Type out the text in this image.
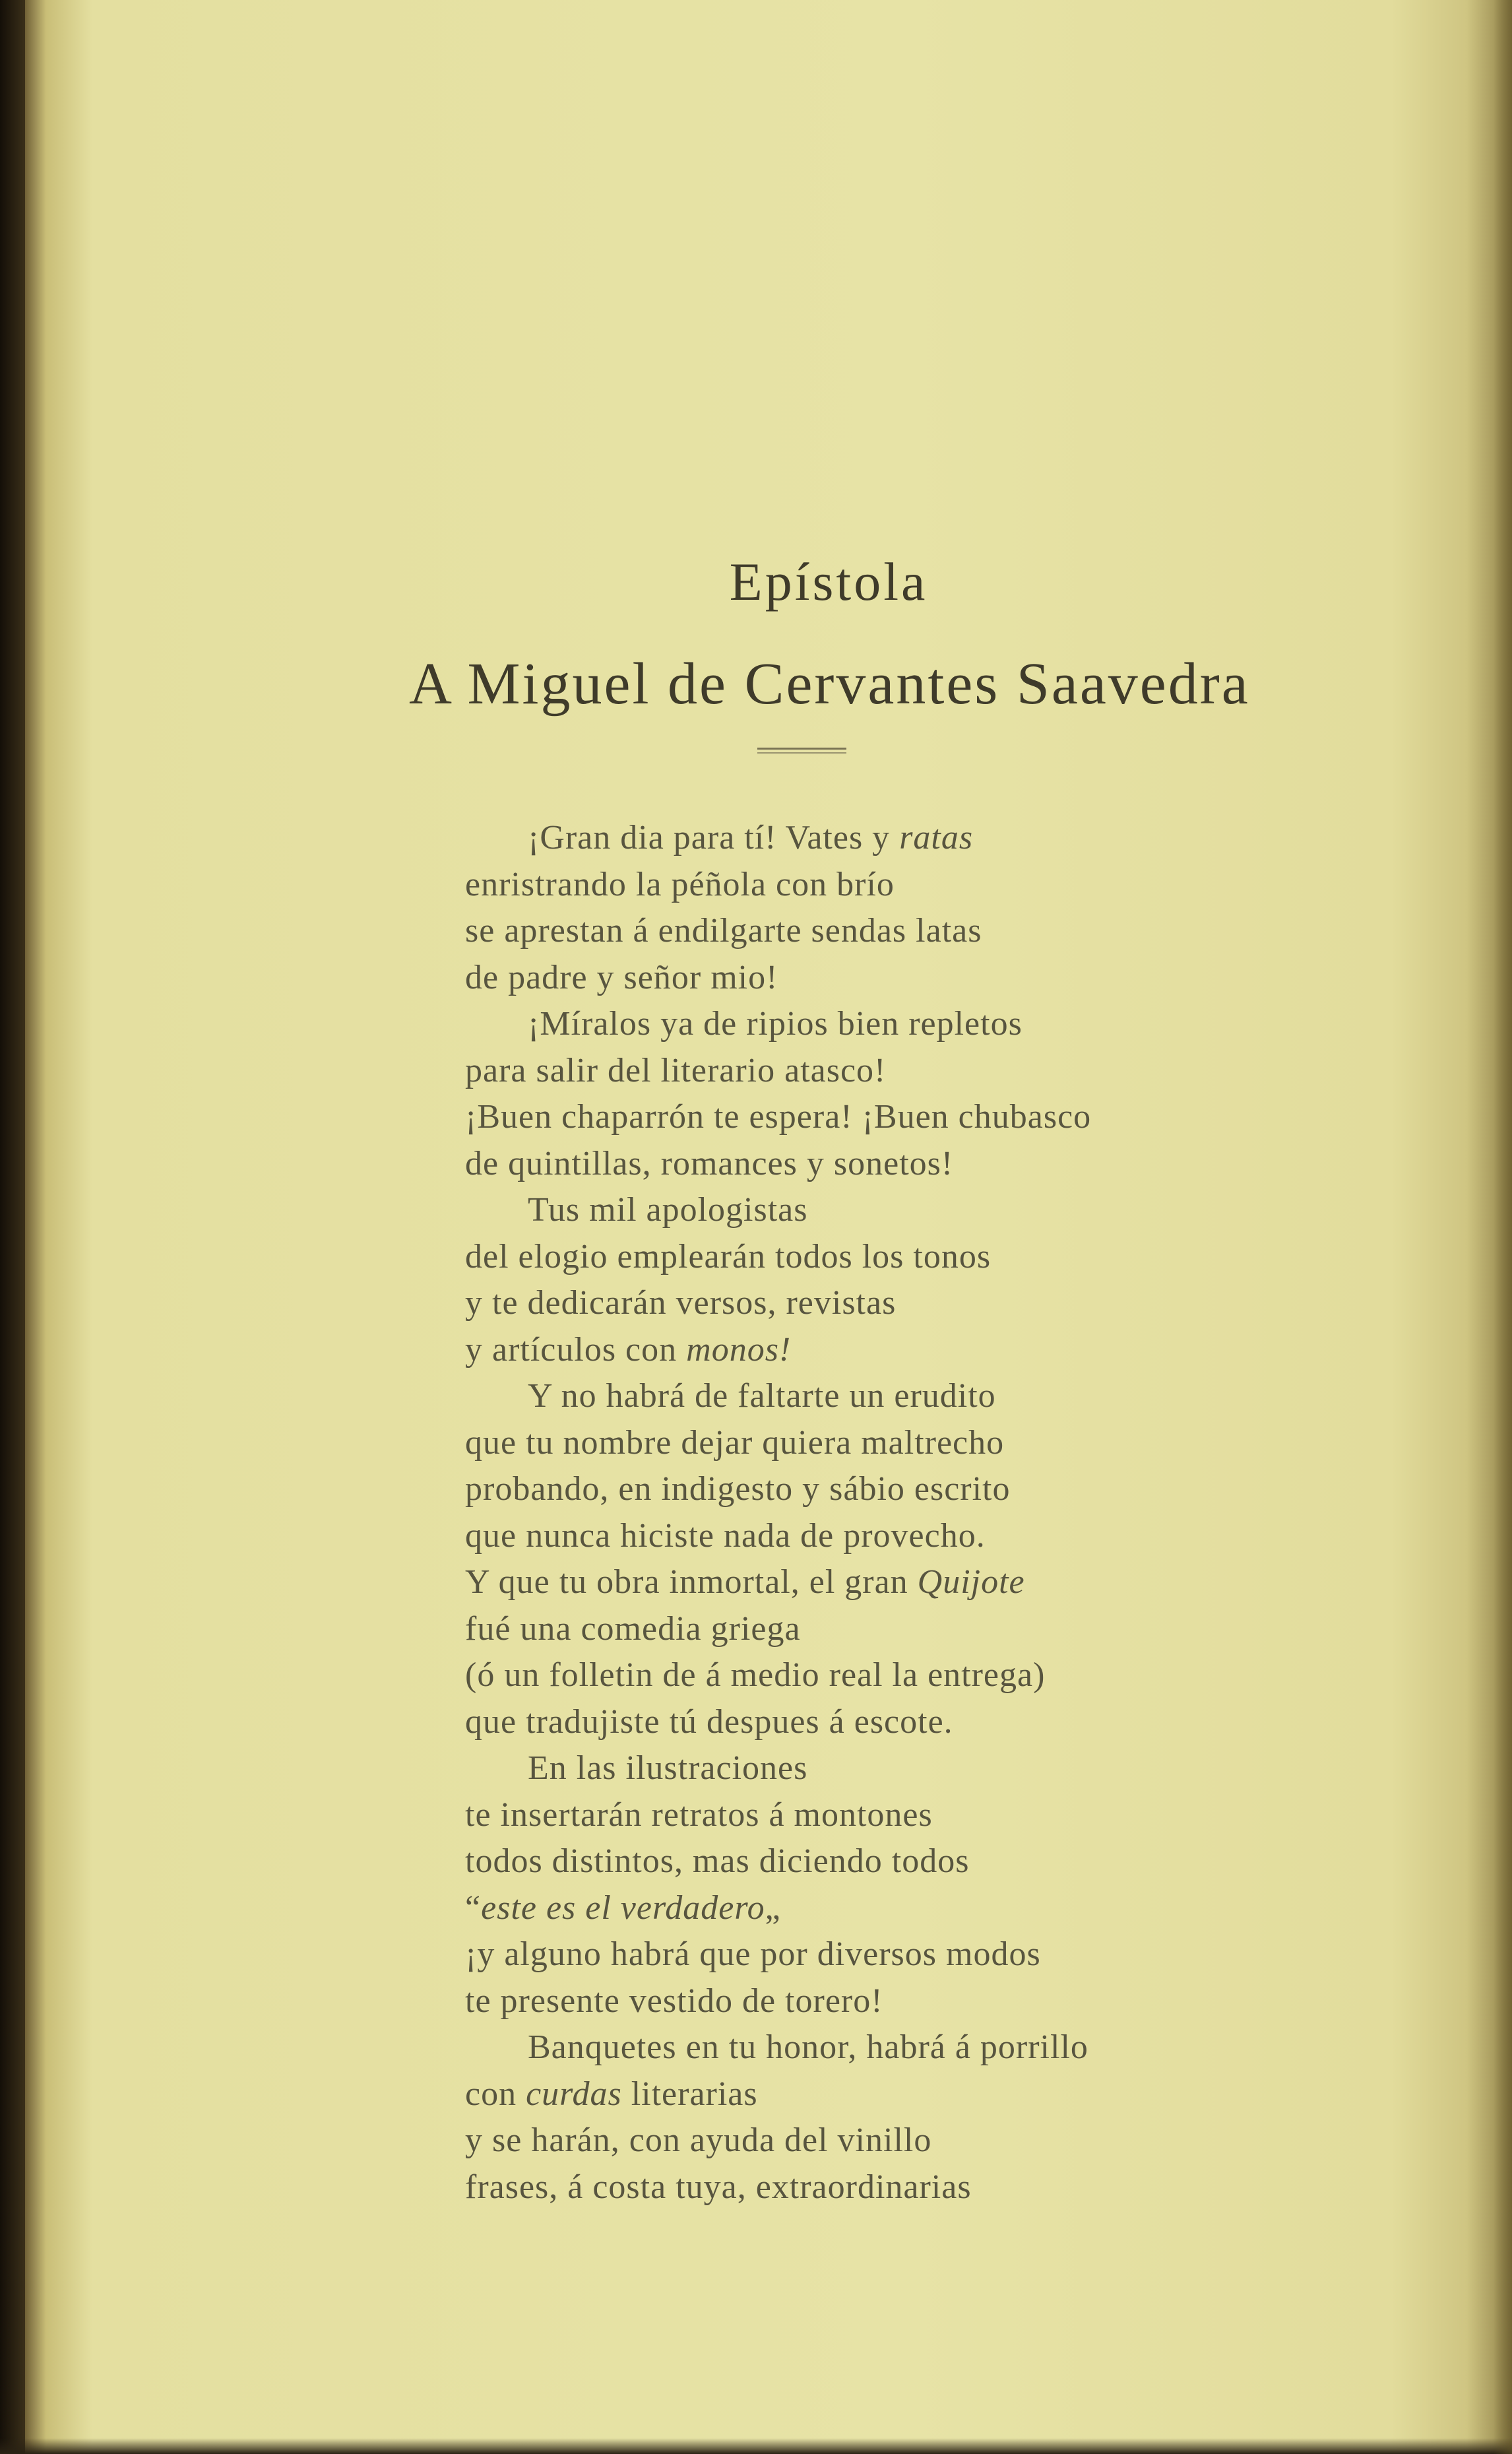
Epístola
A Miguel de Cervantes Saavedra
¡Gran dia para tí! Vates y ratas
enristrando la péñola con brío
se aprestan á endilgarte sendas latas
de padre y señor mio!
¡Míralos ya de ripios bien repletos
para salir del literario atasco!
¡Buen chaparrón te espera! ¡Buen chubasco
de quintillas, romances y sonetos!
Tus mil apologistas
del elogio emplearán todos los tonos
y te dedicarán versos, revistas
y artículos con monos!
Y no habrá de faltarte un erudito
que tu nombre dejar quiera maltrecho
probando, en indigesto y sábio escrito
que nunca hiciste nada de provecho.
Y que tu obra inmortal, el gran Quijote
fué una comedia griega
(ó un folletin de á medio real la entrega)
que tradujiste tú despues á escote.
En las ilustraciones
te insertarán retratos á montones
todos distintos, mas diciendo todos
“este es el verdadero„
¡y alguno habrá que por diversos modos
te presente vestido de torero!
Banquetes en tu honor, habrá á porrillo
con curdas literarias
y se harán, con ayuda del vinillo
frases, á costa tuya, extraordinarias
